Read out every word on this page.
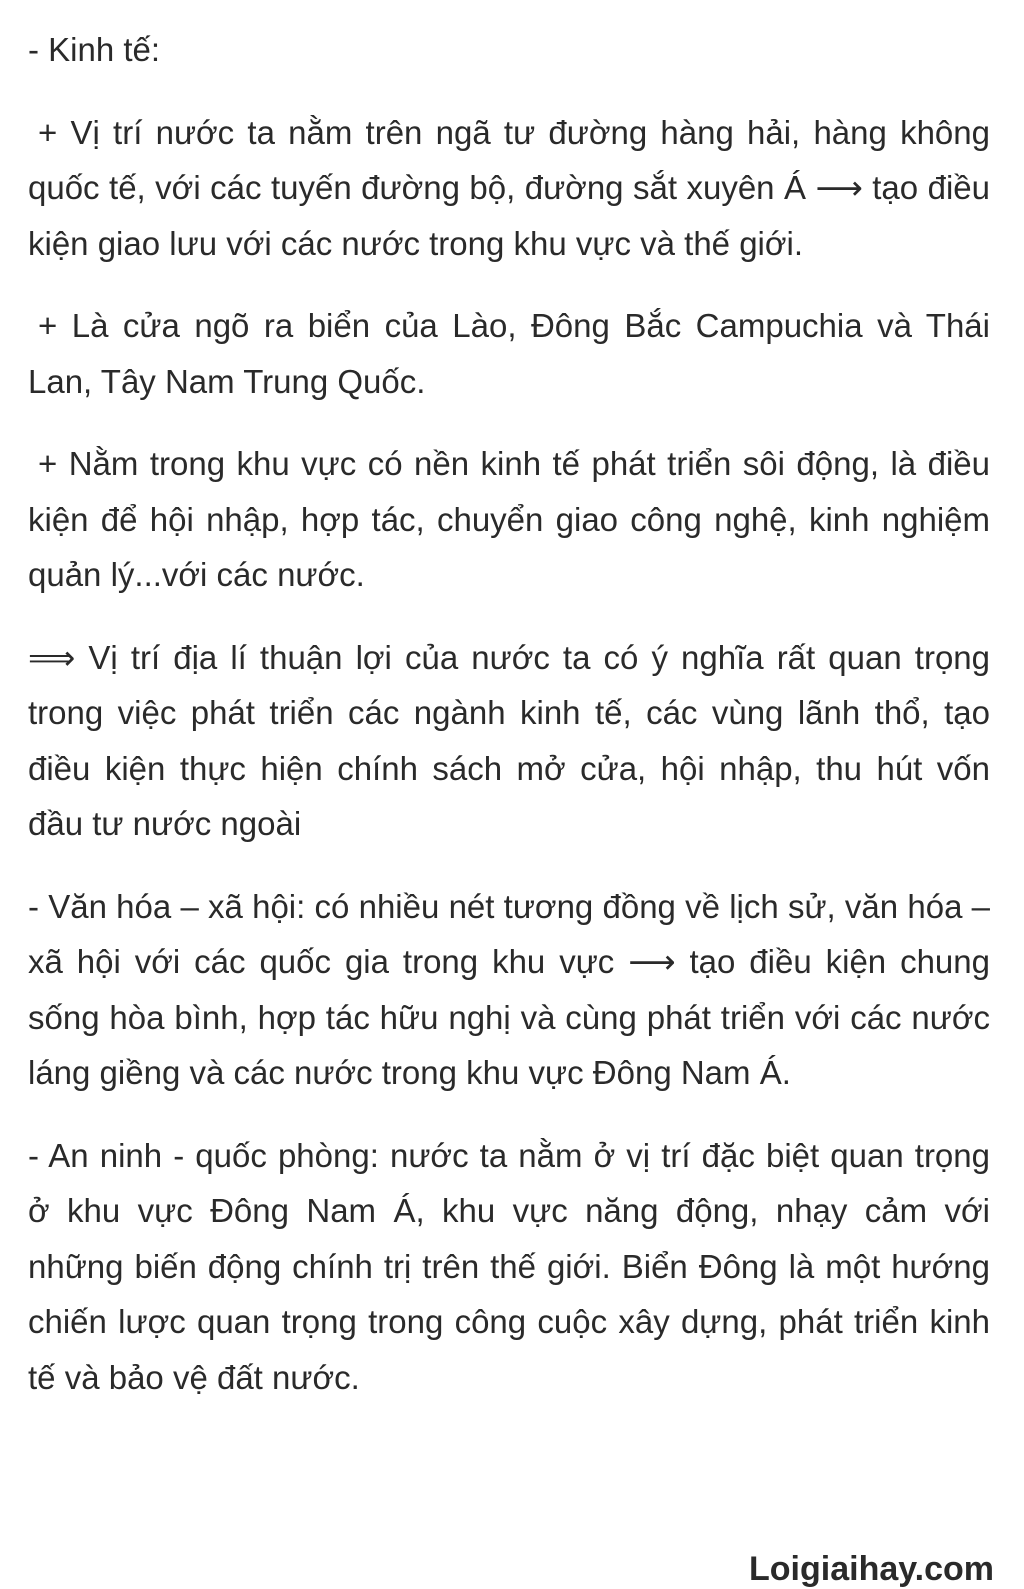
- Kinh tế:

+ Vị trí nước ta nằm trên ngã tư đường hàng hải, hàng không quốc tế, với các tuyến đường bộ, đường sắt xuyên Á ⟶ tạo điều kiện giao lưu với các nước trong khu vực và thế giới.

+ Là cửa ngõ ra biển của Lào, Đông Bắc Campuchia và Thái Lan, Tây Nam Trung Quốc.

+ Nằm trong khu vực có nền kinh tế phát triển sôi động, là điều kiện để hội nhập, hợp tác, chuyển giao công nghệ, kinh nghiệm quản lý...với các nước.

⟹ Vị trí địa lí thuận lợi của nước ta có ý nghĩa rất quan trọng trong việc phát triển các ngành kinh tế, các vùng lãnh thổ, tạo điều kiện thực hiện chính sách mở cửa, hội nhập, thu hút vốn đầu tư nước ngoài

- Văn hóa – xã hội: có nhiều nét tương đồng về lịch sử, văn hóa – xã hội với các quốc gia trong khu vực ⟶ tạo điều kiện chung sống hòa bình, hợp tác hữu nghị và cùng phát triển với các nước láng giềng và các nước trong khu vực Đông Nam Á.

- An ninh - quốc phòng: nước ta nằm ở vị trí đặc biệt quan trọng ở khu vực Đông Nam Á, khu vực năng động, nhạy cảm với những biến động chính trị trên thế giới. Biển Đông là một hướng chiến lược quan trọng trong công cuộc xây dựng, phát triển kinh tế và bảo vệ đất nước.

Loigiaihay.com
